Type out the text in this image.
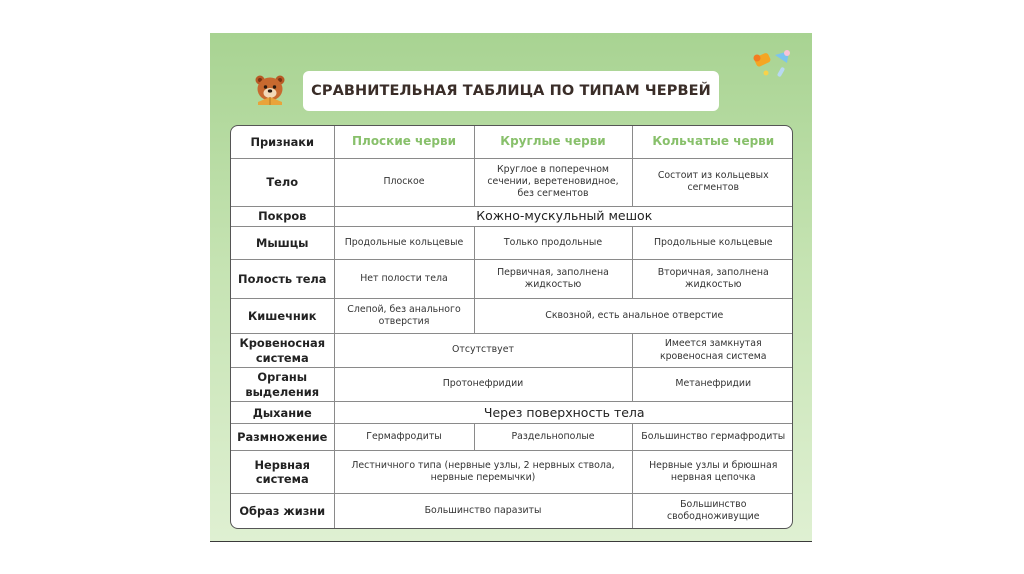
СРАВНИТЕЛЬНАЯ ТАБЛИЦА ПО ТИПАМ ЧЕРВЕЙ
Признаки	Плоские черви	Круглые черви	Кольчатые черви
Тело	Плоское	Круглое в поперечном сечении, веретеновидное, без сегментов	Состоит из кольцевых сегментов
Покров	Кожно-мускульный мешок		
Мышцы	Продольные кольцевые	Только продольные	Продольные кольцевые
Полость тела	Нет полости тела	Первичная, заполнена жидкостью	Вторичная, заполнена жидкостью
Кишечник	Слепой, без анального отверстия	Сквозной, есть анальное отверстие	
Кровеносная система	Отсутствует		Имеется замкнутая кровеносная система
Органы выделения	Протонефридии		Метанефридии
Дыхание	Через поверхность тела		
Размножение	Гермафродиты	Раздельнополые	Большинство гермафродиты
Нервная система	Лестничного типа (нервные узлы, 2 нервных ствола, нервные перемычки)		Нервные узлы и брюшная нервная цепочка
Образ жизни	Большинство паразиты		Большинство свободноживущие
